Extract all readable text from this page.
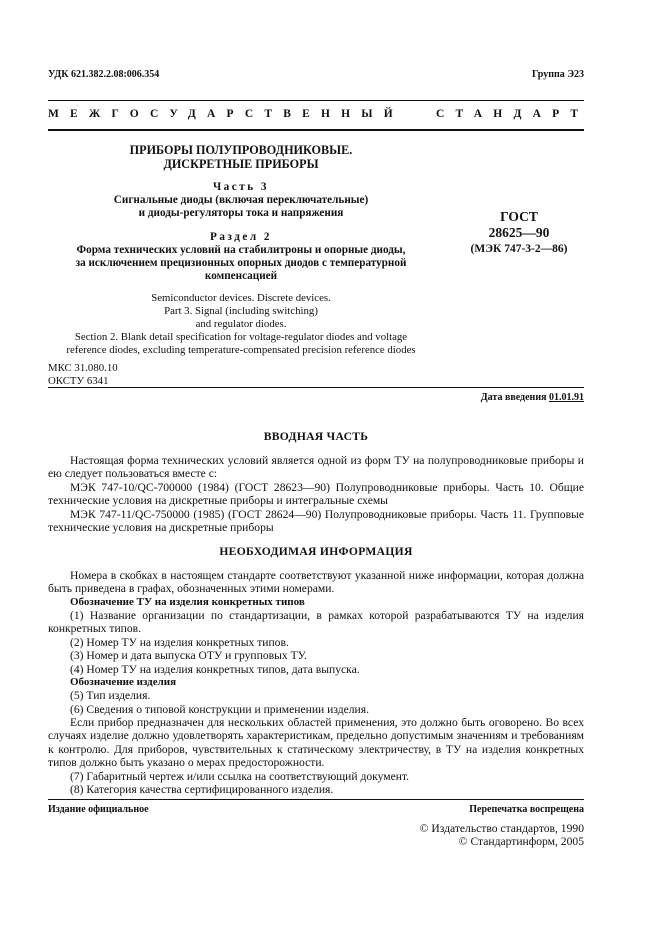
УДК 621.382.2.08:006.354	Группа Э23
МЕЖГОСУДАРСТВЕННЫЙ	СТАНДАРТ
ПРИБОРЫ ПОЛУПРОВОДНИКОВЫЕ.
ДИСКРЕТНЫЕ ПРИБОРЫ
Часть 3
Сигнальные диоды (включая переключательные)
и диоды-регуляторы тока и напряжения
Раздел 2
Форма технических условий на стабилитроны и опорные диоды,
за исключением прецизионных опорных диодов с температурной
компенсацией
Semiconductor devices. Discrete devices.
Part 3. Signal (including switching)
and regulator diodes.
Section 2. Blank detail specification for voltage-regulator diodes and voltage
reference diodes, excluding temperature-compensated precision reference diodes
ГОСТ
28625—90
(МЭК 747-3-2—86)
МКС 31.080.10
ОКСТУ 6341
Дата введения 01.01.91
ВВОДНАЯ ЧАСТЬ
Настоящая форма технических условий является одной из форм ТУ на полупроводниковые приборы и ею следует пользоваться вместе с:
МЭК 747-10/QC-700000 (1984) (ГОСТ 28623—90) Полупроводниковые приборы. Часть 10. Общие технические условия на дискретные приборы и интегральные схемы
МЭК 747-11/QC-750000 (1985) (ГОСТ 28624—90) Полупроводниковые приборы. Часть 11. Групповые технические условия на дискретные приборы
НЕОБХОДИМАЯ ИНФОРМАЦИЯ
Номера в скобках в настоящем стандарте соответствуют указанной ниже информации, которая должна быть приведена в графах, обозначенных этими номерами.
Обозначение ТУ на изделия конкретных типов
(1) Название организации по стандартизации, в рамках которой разрабатываются ТУ на изделия конкретных типов.
(2) Номер ТУ на изделия конкретных типов.
(3) Номер и дата выпуска ОТУ и групповых ТУ.
(4) Номер ТУ на изделия конкретных типов, дата выпуска.
Обозначение изделия
(5) Тип изделия.
(6) Сведения о типовой конструкции и применении изделия.
Если прибор предназначен для нескольких областей применения, это должно быть оговорено. Во всех случаях изделие должно удовлетворять характеристикам, предельно допустимым значениям и требованиям к контролю. Для приборов, чувствительных к статическому электричеству, в ТУ на изделия конкретных типов должно быть указано о мерах предосторожности.
(7) Габаритный чертеж и/или ссылка на соответствующий документ.
(8) Категория качества сертифицированного изделия.
Издание официальное	Перепечатка воспрещена
© Издательство стандартов, 1990
© Стандартинформ, 2005
